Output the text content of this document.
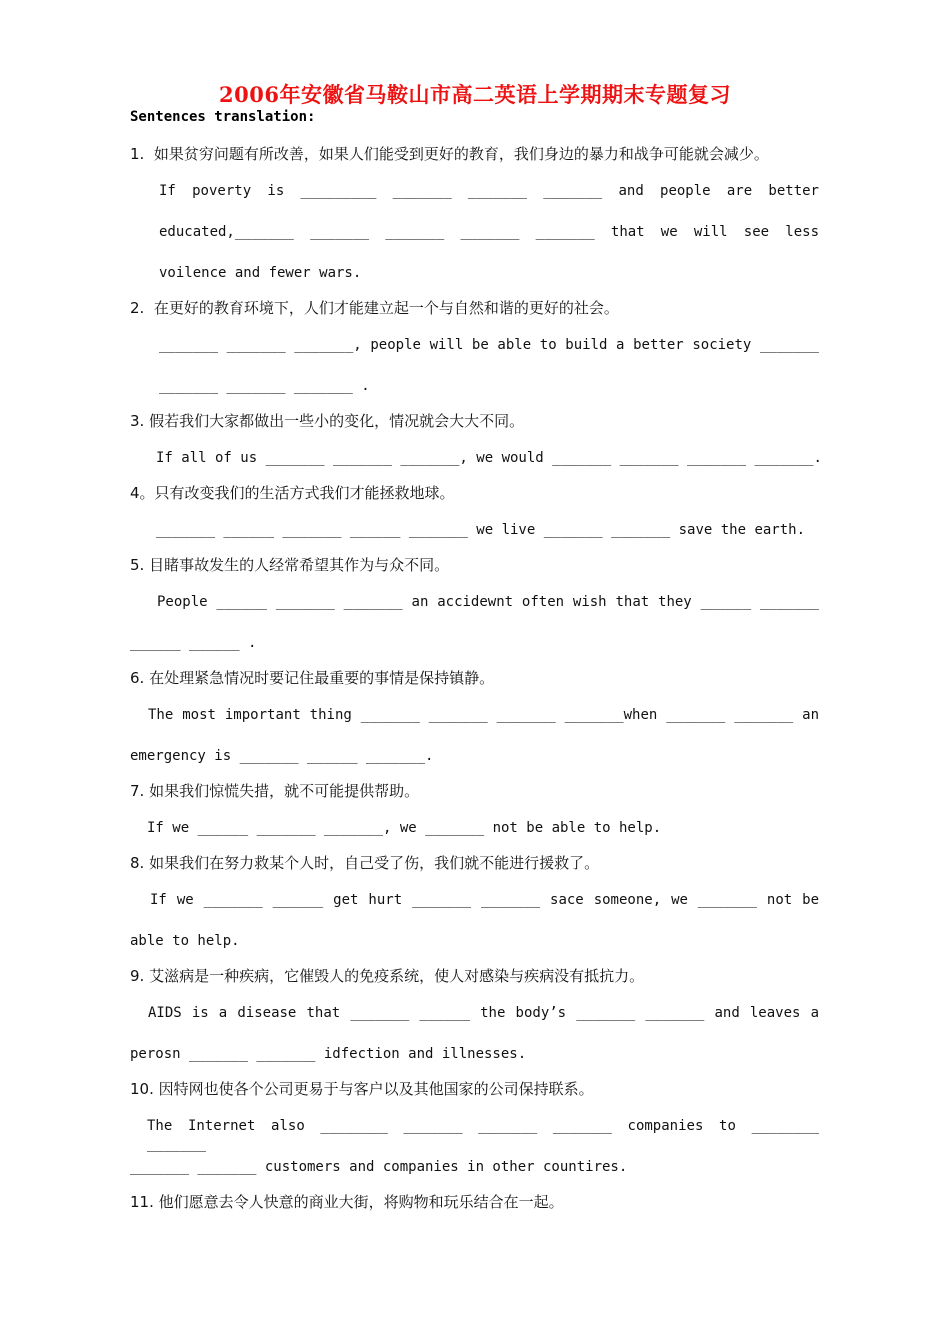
2006年安徽省马鞍山市高二英语上学期期末专题复习
Sentences translation:
1.  如果贫穷问题有所改善，如果人们能受到更好的教育，我们身边的暴力和战争可能就会减少。
If poverty is _________ _______ _______ _______ and people are better
educated,_______ _______ _______ _______ _______ that we will see less
voilence and fewer wars.
2.  在更好的教育环境下，人们才能建立起一个与自然和谐的更好的社会。
_______ _______ _______, people will be able to build a better society _______
_______ _______ _______ .
3. 假若我们大家都做出一些小的变化，情况就会大大不同。
If all of us _______ _______ _______, we would _______ _______ _______ _______.
4。只有改变我们的生活方式我们才能拯救地球。
_______ ______ _______ ______ _______ we live _______ _______ save the earth.
5. 目睹事故发生的人经常希望其作为与众不同。
People ______ _______ _______ an accidewnt often wish that they ______ _______
______ ______ .
6. 在处理紧急情况时要记住最重要的事情是保持镇静。
The most important thing _______ _______ _______ _______when _______ _______ an
emergency is _______ ______ _______.
7. 如果我们惊慌失措，就不可能提供帮助。
If we ______ _______ _______, we _______ not be able to help.
8. 如果我们在努力救某个人时，自己受了伤，我们就不能进行援救了。
If we _______ ______ get hurt _______ _______ sace someone, we _______ not be
able to help.
9. 艾滋病是一种疾病，它催毁人的免疫系统，使人对感染与疾病没有抵抗力。
AIDS is a disease that _______ ______ the body’s _______ _______ and leaves a
perosn _______ _______ idfection and illnesses.
10. 因特网也使各个公司更易于与客户以及其他国家的公司保持联系。
The Internet also ________ _______ _______ _______ companies to ________ _______
_______ _______ customers and companies in other countires.
11. 他们愿意去令人快意的商业大街，将购物和玩乐结合在一起。
